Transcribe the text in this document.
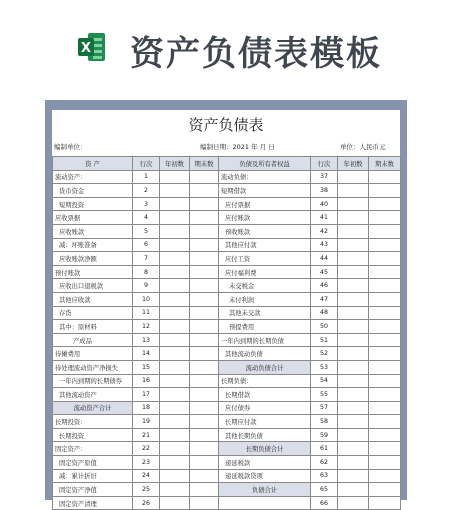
X 资产负债表模板
资产负债表
编制单位：	编制日期：2021 年 月 日	单位：人民币元
资 产	行次	年初数	期末数	负债及所有者权益	行次	年初数	期末数
流动资产：	1			流动负债：	37		
货币资金	2			短期借款	38		
短期投资	3			应付票据	40		
应收票据	4			应付账款	41		
应收账款	5			预收账款	42		
减：坏账准备	6			其他应付款	43		
应收账款净额	7			应付工资	44		
预付账款	8			应付福利费	45		
应收出口退税款	9			未交税金	46		
其他应收款	10			未付利润	47		
存货	11			其他未交款	48		
其中：原材料	12			预提费用	50		
产成品	13			一年内到期的长期负债	51		
待摊费用	14			其他流动负债	52		
待处理流动资产净损失	15			流动负债合计	53		
一年内到期的长期债券	16			长期负债：	54		
其他流动资产	17			长期借款	55		
流动资产合计	18			应付债券	57		
长期投资：	19			长期应付款	58		
长期投资	21			其他长期负债	59		
固定资产：	22			长期负债合计	61		
固定资产原值	23			递延税款	62		
减：累计折旧	24			递延税款贷项	63		
固定资产净值	25			负债合计	65		
固定资产清理	26				66		
